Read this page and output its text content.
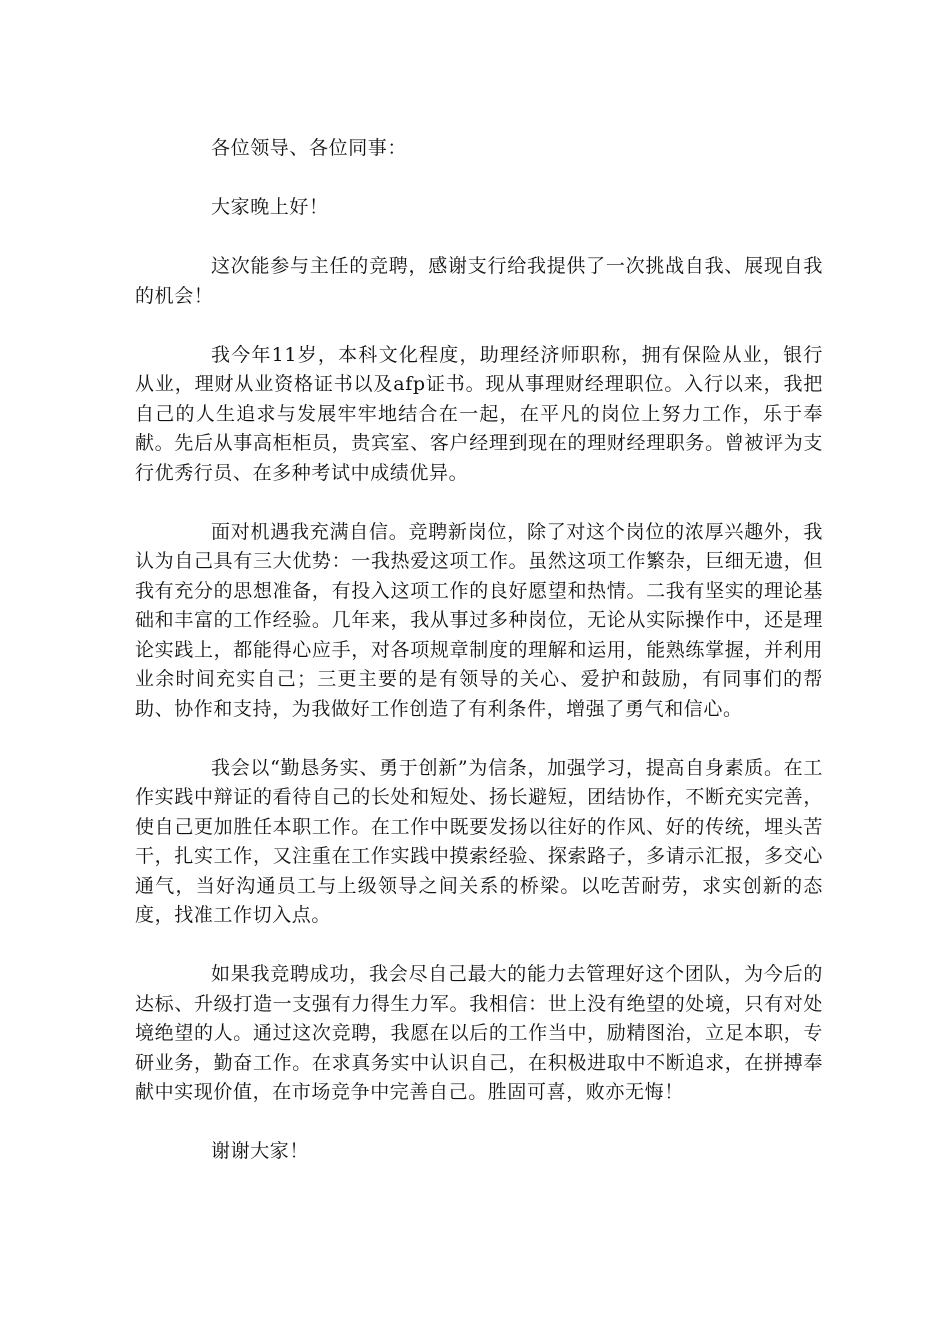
各位领导、各位同事：

大家晚上好！

这次能参与主任的竞聘，感谢支行给我提供了一次挑战自我、展现自我的机会！

我今年11岁，本科文化程度，助理经济师职称，拥有保险从业，银行从业，理财从业资格证书以及afp证书。现从事理财经理职位。入行以来，我把自己的人生追求与发展牢牢地结合在一起，在平凡的岗位上努力工作，乐于奉献。先后从事高柜柜员，贵宾室、客户经理到现在的理财经理职务。曾被评为支行优秀行员、在多种考试中成绩优异。

面对机遇我充满自信。竞聘新岗位，除了对这个岗位的浓厚兴趣外，我认为自己具有三大优势：一我热爱这项工作。虽然这项工作繁杂，巨细无遗，但我有充分的思想准备，有投入这项工作的良好愿望和热情。二我有坚实的理论基础和丰富的工作经验。几年来，我从事过多种岗位，无论从实际操作中，还是理论实践上，都能得心应手，对各项规章制度的理解和运用，能熟练掌握，并利用业余时间充实自己；三更主要的是有领导的关心、爱护和鼓励，有同事们的帮助、协作和支持，为我做好工作创造了有利条件，增强了勇气和信心。

我会以“勤恳务实、勇于创新”为信条，加强学习，提高自身素质。在工作实践中辩证的看待自己的长处和短处、扬长避短，团结协作，不断充实完善，使自己更加胜任本职工作。在工作中既要发扬以往好的作风、好的传统，埋头苦干，扎实工作，又注重在工作实践中摸索经验、探索路子，多请示汇报，多交心通气，当好沟通员工与上级领导之间关系的桥梁。以吃苦耐劳，求实创新的态度，找准工作切入点。

如果我竞聘成功，我会尽自己最大的能力去管理好这个团队，为今后的达标、升级打造一支强有力得生力军。我相信：世上没有绝望的处境，只有对处境绝望的人。通过这次竞聘，我愿在以后的工作当中，励精图治，立足本职，专研业务，勤奋工作。在求真务实中认识自己，在积极进取中不断追求，在拼搏奉献中实现价值，在市场竞争中完善自己。胜固可喜，败亦无悔！

谢谢大家！
